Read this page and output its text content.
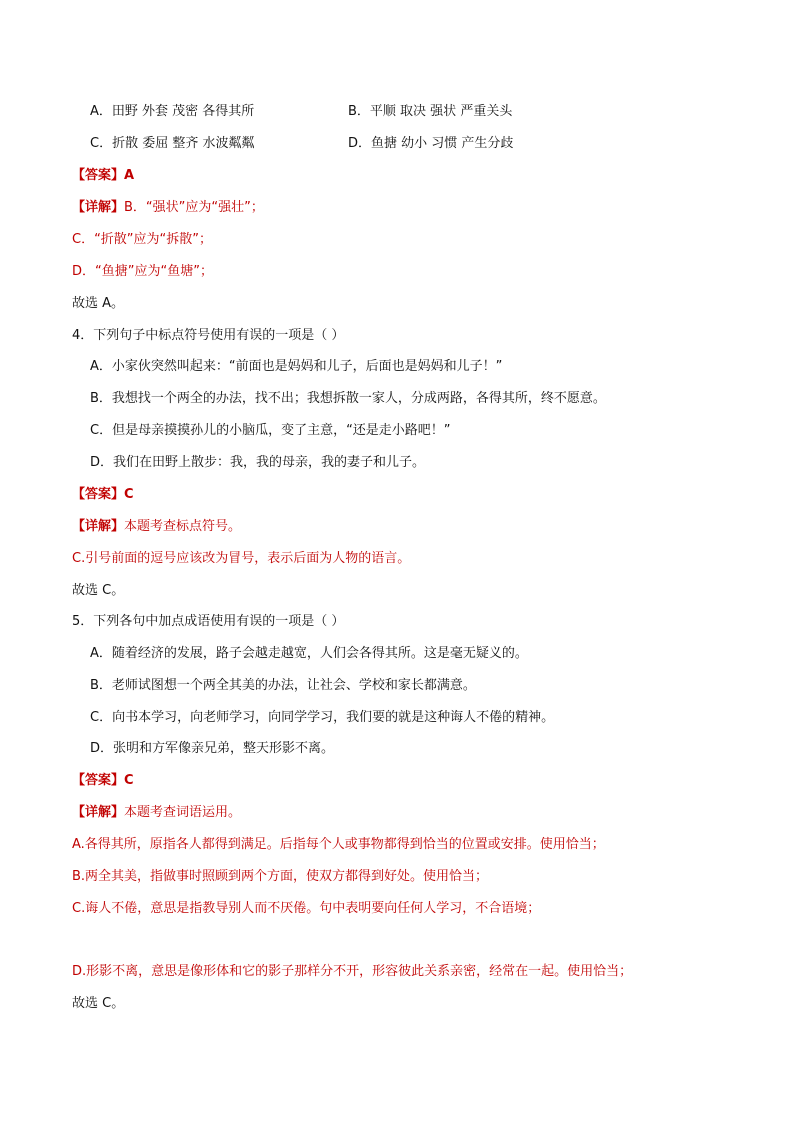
A．田野 外套 茂密 各得其所	B．平顺 取决 强状 严重关头
C．折散 委屈 整齐 水波粼粼	D．鱼搪 幼小 习惯 产生分歧
【答案】A
【详解】B．“强状”应为“强壮”；
C．“折散”应为“拆散”；
D．“鱼搪”应为“鱼塘”；
故选 A。
4．下列句子中标点符号使用有误的一项是（ ）
A．小家伙突然叫起来：“前面也是妈妈和儿子，后面也是妈妈和儿子！”
B．我想找一个两全的办法，找不出；我想拆散一家人，分成两路，各得其所，终不愿意。
C．但是母亲摸摸孙儿的小脑瓜，变了主意，“还是走小路吧！”
D．我们在田野上散步：我，我的母亲，我的妻子和儿子。
【答案】C
【详解】本题考查标点符号。
C.引号前面的逗号应该改为冒号，表示后面为人物的语言。
故选 C。
5．下列各句中加点成语使用有误的一项是（ ）
A．随着经济的发展，路子会越走越宽，人们会各得其所。这是毫无疑义的。
B．老师试图想一个两全其美的办法，让社会、学校和家长都满意。
C．向书本学习，向老师学习，向同学学习，我们要的就是这种诲人不倦的精神。
D．张明和方军像亲兄弟，整天形影不离。
【答案】C
【详解】本题考查词语运用。
A.各得其所，原指各人都得到满足。后指每个人或事物都得到恰当的位置或安排。使用恰当；
B.两全其美，指做事时照顾到两个方面，使双方都得到好处。使用恰当；
C.诲人不倦，意思是指教导别人而不厌倦。句中表明要向任何人学习，不合语境；
D.形影不离，意思是像形体和它的影子那样分不开，形容彼此关系亲密，经常在一起。使用恰当；
故选 C。
